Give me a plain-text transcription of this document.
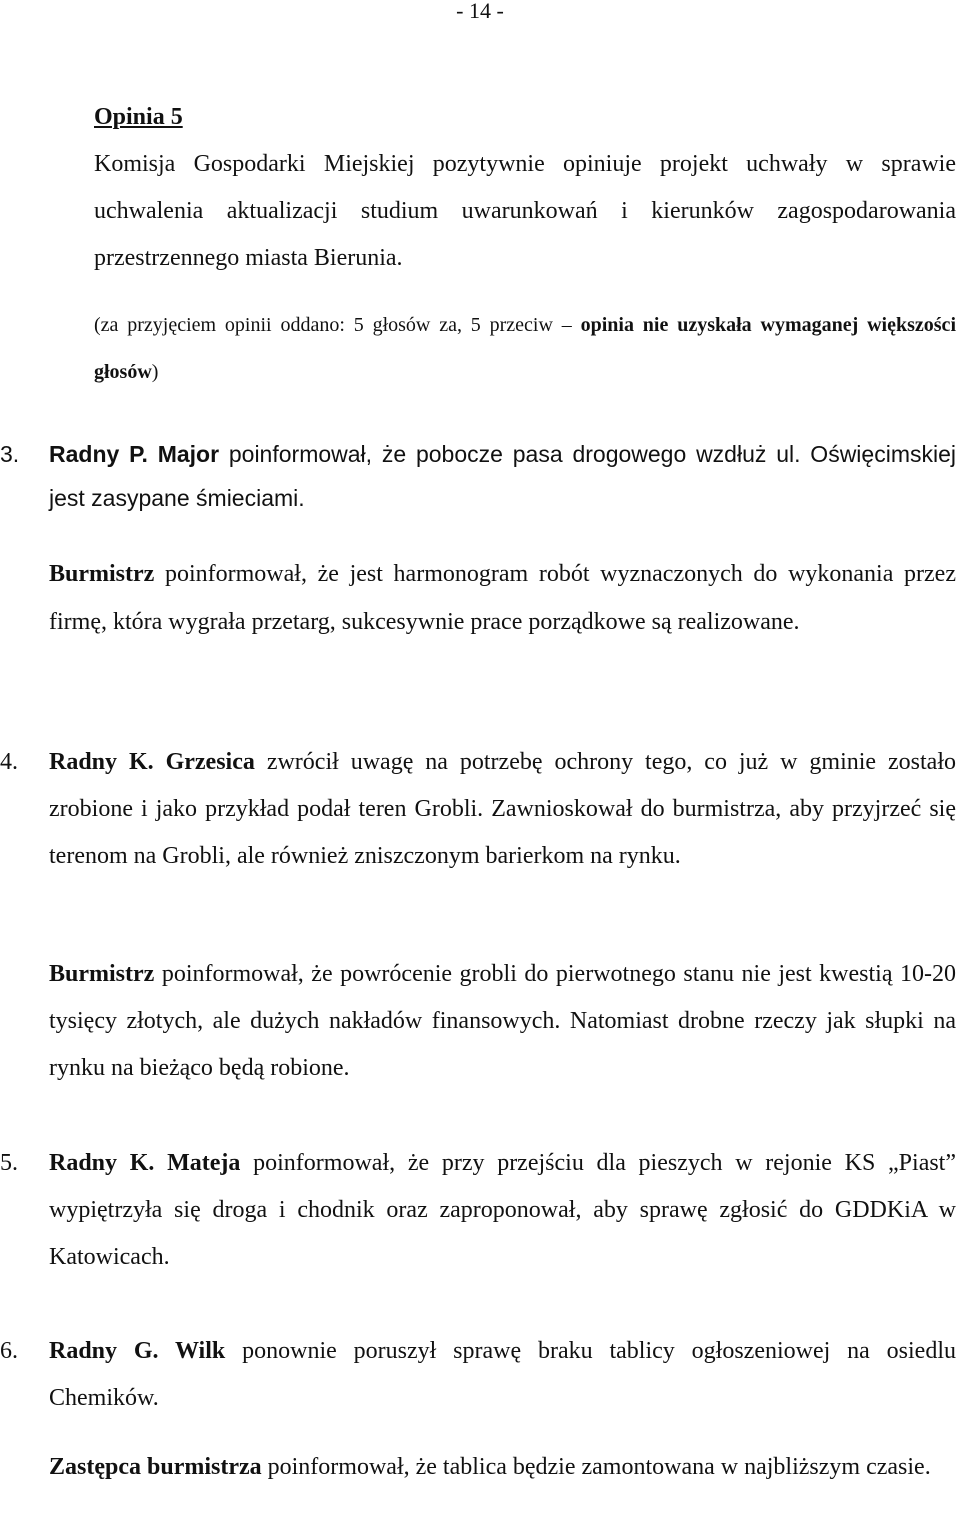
- 14 -
Opinia 5
Komisja Gospodarki Miejskiej pozytywnie opiniuje projekt uchwały w sprawie uchwalenia aktualizacji studium uwarunkowań i kierunków zagospodarowania przestrzennego miasta Bierunia.
(za przyjęciem opinii oddano: 5 głosów za, 5 przeciw – opinia nie uzyskała wymaganej większości głosów)
3.	Radny P. Major poinformował, że pobocze pasa drogowego wzdłuż ul. Oświęcimskiej jest zasypane śmieciami.
Burmistrz poinformował, że jest harmonogram robót wyznaczonych do wykonania przez firmę, która wygrała przetarg, sukcesywnie prace porządkowe są realizowane.
4.	Radny K. Grzesica zwrócił uwagę na potrzebę ochrony tego, co już w gminie zostało zrobione i jako przykład podał teren Grobli. Zawnioskował do burmistrza, aby przyjrzeć się terenom na Grobli, ale również zniszczonym barierkom na rynku.
Burmistrz poinformował, że powrócenie grobli do pierwotnego stanu nie jest kwestią 10-20 tysięcy złotych, ale dużych nakładów finansowych. Natomiast drobne rzeczy jak słupki na rynku na bieżąco będą robione.
5.	Radny K. Mateja poinformował, że przy przejściu dla pieszych w rejonie KS „Piast” wypiętrzyła się droga i chodnik oraz zaproponował, aby sprawę zgłosić do GDDKiA w Katowicach.
6.	Radny G. Wilk ponownie poruszył sprawę braku tablicy ogłoszeniowej na osiedlu Chemików.
Zastępca burmistrza poinformował, że tablica będzie zamontowana w najbliższym czasie.
